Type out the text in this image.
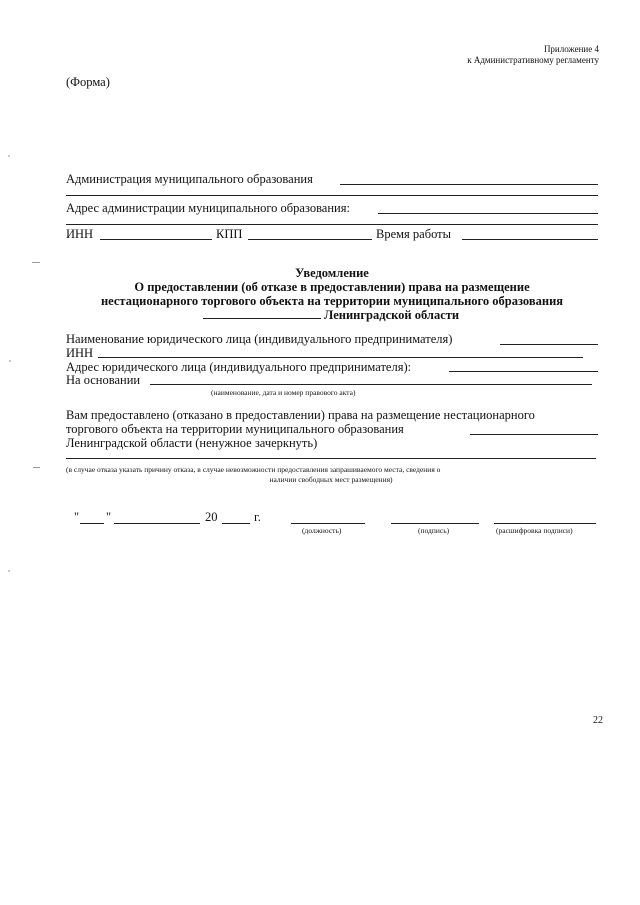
Приложение 4
к Административному регламенту
(Форма)
Администрация муниципального образования
Адрес администрации муниципального образования:
ИНН	КПП	Время работы
Уведомление
О предоставлении (об отказе в предоставлении) права на размещение
нестационарного торгового объекта на территории муниципального образования
Ленинградской области
Наименование юридического лица (индивидуального предпринимателя)
ИНН
Адрес юридического лица (индивидуального предпринимателя):
На основании
(наименование, дата и номер правового акта)
Вам предоставлено (отказано в предоставлении) права на размещение нестационарного
торгового объекта на территории муниципального образования
Ленинградской области (ненужное зачеркнуть)
(в случае отказа указать причину отказа, в случае невозможности предоставления запрашиваемого места, сведения о
наличии свободных мест размещения)
" "	20	г.
(должность)	(подпись)	(расшифровка подписи)
22
